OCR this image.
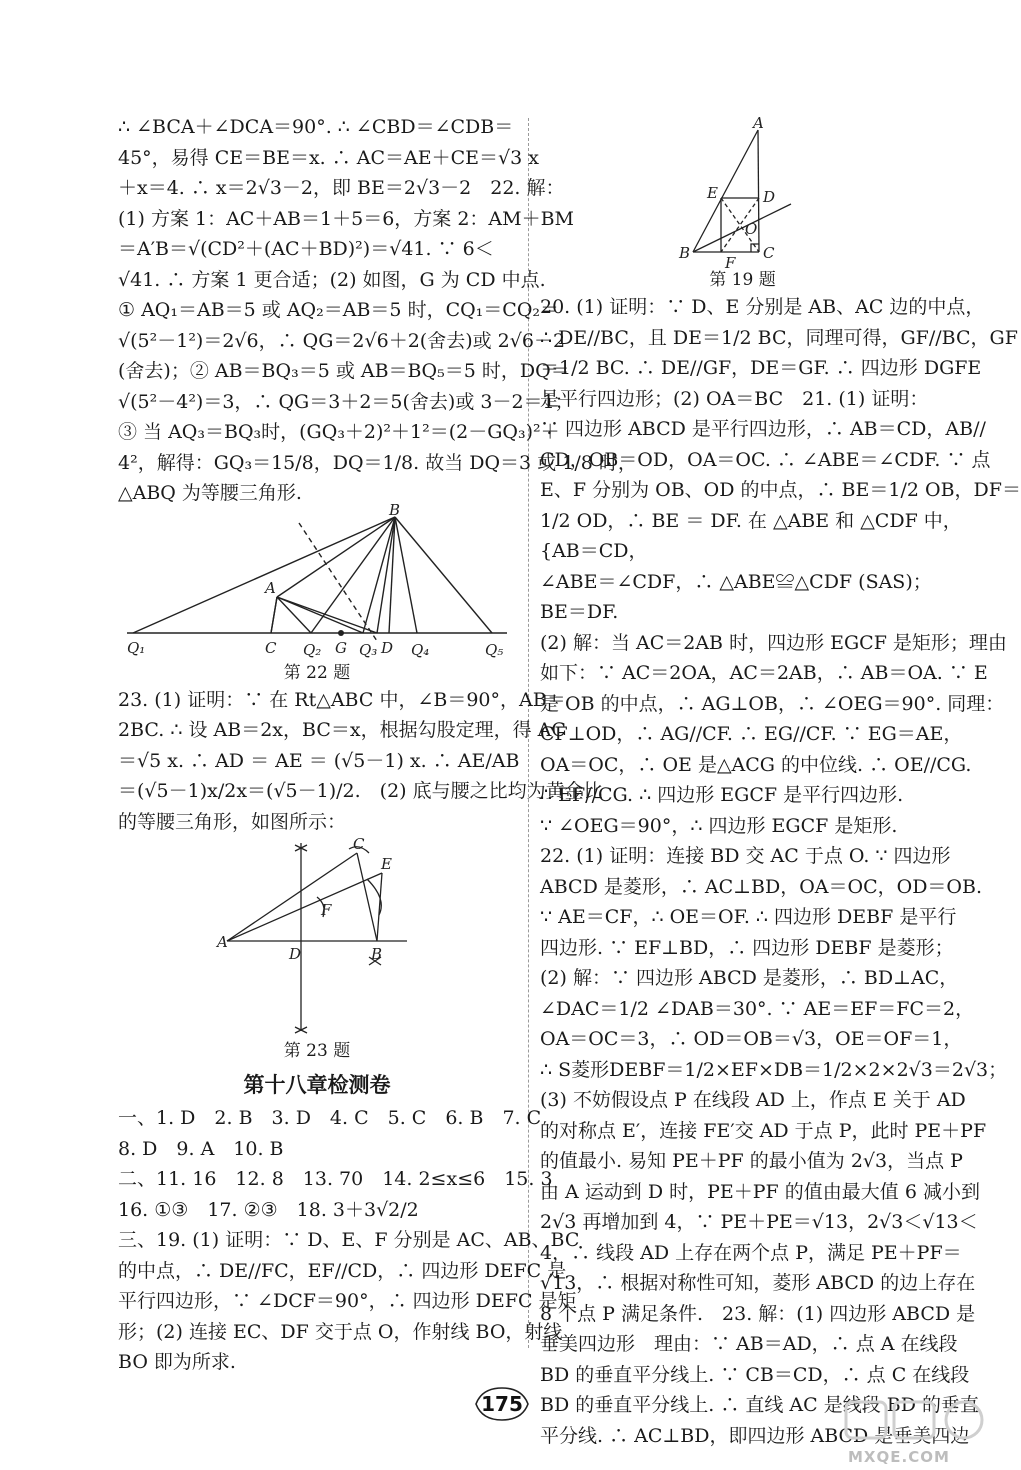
∴ ∠BCA＋∠DCA＝90°. ∴ ∠CBD＝∠CDB＝
45°，易得 CE＝BE＝x. ∴ AC＝AE＋CE＝√3 x
＋x＝4. ∴ x＝2√3－2，即 BE＝2√3－2　22. 解：
(1) 方案 1：AC＋AB＝1＋5＝6，方案 2：AM＋BM
＝A′B＝√(CD²＋(AC＋BD)²)＝√41. ∵ 6＜
√41. ∴ 方案 1 更合适；(2) 如图，G 为 CD 中点.
① AQ₁＝AB＝5 或 AQ₂＝AB＝5 时，CQ₁＝CQ₂＝
√(5²－1²)＝2√6，∴ QG＝2√6＋2(舍去)或 2√6－2
(舍去)；② AB＝BQ₃＝5 或 AB＝BQ₅＝5 时，DQ＝
√(5²－4²)＝3，∴ QG＝3＋2＝5(舍去)或 3－2＝1；
③ 当 AQ₃＝BQ₃时，(GQ₃＋2)²＋1²＝(2－GQ₃)²＋
4²，解得：GQ₃＝15/8，DQ＝1/8. 故当 DQ＝3 或 1/8 时，
△ABQ 为等腰三角形.
B
A
Q₁	C Q₂ G Q₃ D Q₄	Q₅
第 22 题
23. (1) 证明：∵ 在 Rt△ABC 中，∠B＝90°，AB＝
2BC. ∴ 设 AB＝2x，BC＝x，根据勾股定理，得 AC
＝√5 x. ∴ AD ＝ AE ＝ (√5－1) x. ∴ AE/AB
＝(√5－1)x/2x＝(√5－1)/2.　(2) 底与腰之比均为黄金比
的等腰三角形，如图所示：
C
E
F
A
D	B
第 23 题
第十八章检测卷
一、1. D　2. B　3. D　4. C　5. C　6. B　7. C
8. D　9. A　10. B
二、11. 16　12. 8　13. 70　14. 2≤x≤6　15. 3
16. ①③　17. ②③　18. 3＋3√2/2
三、19. (1) 证明：∵ D、E、F 分别是 AC、AB、BC
的中点，∴ DE//FC，EF//CD，∴ 四边形 DEFC 是
平行四边形，∵ ∠DCF＝90°，∴ 四边形 DEFC 是矩
形；(2) 连接 EC、DF 交于点 O，作射线 BO，射线
BO 即为所求.
A
E	D
O
B
F
C
第 19 题
20. (1) 证明：∵ D、E 分别是 AB、AC 边的中点，
∴ DE//BC，且 DE＝1/2 BC，同理可得，GF//BC，GF
＝1/2 BC. ∴ DE//GF，DE＝GF. ∴ 四边形 DGFE
是平行四边形；(2) OA＝BC　21. (1) 证明：
∵ 四边形 ABCD 是平行四边形，∴ AB＝CD，AB//
CD，OB＝OD，OA＝OC. ∴ ∠ABE＝∠CDF. ∵ 点
E、F 分别为 OB、OD 的中点，∴ BE＝1/2 OB，DF＝
1/2 OD，∴ BE ＝ DF. 在 △ABE 和 △CDF 中，
{AB＝CD，
∠ABE＝∠CDF，∴ △ABE≌△CDF (SAS)；
BE＝DF.
(2) 解：当 AC＝2AB 时，四边形 EGCF 是矩形；理由
如下：∵ AC＝2OA，AC＝2AB，∴ AB＝OA. ∵ E
是 OB 的中点，∴ AG⊥OB，∴ ∠OEG＝90°. 同理：
CF⊥OD，∴ AG//CF. ∴ EG//CF. ∵ EG＝AE，
OA＝OC，∴ OE 是△ACG 的中位线. ∴ OE//CG.
∴ EF//CG. ∴ 四边形 EGCF 是平行四边形.
∵ ∠OEG＝90°，∴ 四边形 EGCF 是矩形.
22. (1) 证明：连接 BD 交 AC 于点 O. ∵ 四边形
ABCD 是菱形，∴ AC⊥BD，OA＝OC，OD＝OB.
∵ AE＝CF，∴ OE＝OF. ∴ 四边形 DEBF 是平行
四边形. ∵ EF⊥BD，∴ 四边形 DEBF 是菱形；
(2) 解：∵ 四边形 ABCD 是菱形，∴ BD⊥AC，
∠DAC＝1/2 ∠DAB＝30°. ∵ AE＝EF＝FC＝2，
OA＝OC＝3，∴ OD＝OB＝√3，OE＝OF＝1，
∴ S菱形DEBF＝1/2×EF×DB＝1/2×2×2√3＝2√3；
(3) 不妨假设点 P 在线段 AD 上，作点 E 关于 AD
的对称点 E′，连接 FE′交 AD 于点 P，此时 PE＋PF
的值最小. 易知 PE＋PF 的最小值为 2√3，当点 P
由 A 运动到 D 时，PE＋PF 的值由最大值 6 减小到
2√3 再增加到 4，∵ PE＋PE＝√13，2√3＜√13＜
4，∴ 线段 AD 上存在两个点 P，满足 PE＋PF＝
√13，∴ 根据对称性可知，菱形 ABCD 的边上存在
8 个点 P 满足条件.　23. 解：(1) 四边形 ABCD 是
垂美四边形　理由：∵ AB＝AD，∴ 点 A 在线段
BD 的垂直平分线上. ∵ CB＝CD，∴ 点 C 在线段
BD 的垂直平分线上. ∴ 直线 AC 是线段 BD 的垂直
平分线. ∴ AC⊥BD，即四边形 ABCD 是垂美四边
175
MXQE.COM
